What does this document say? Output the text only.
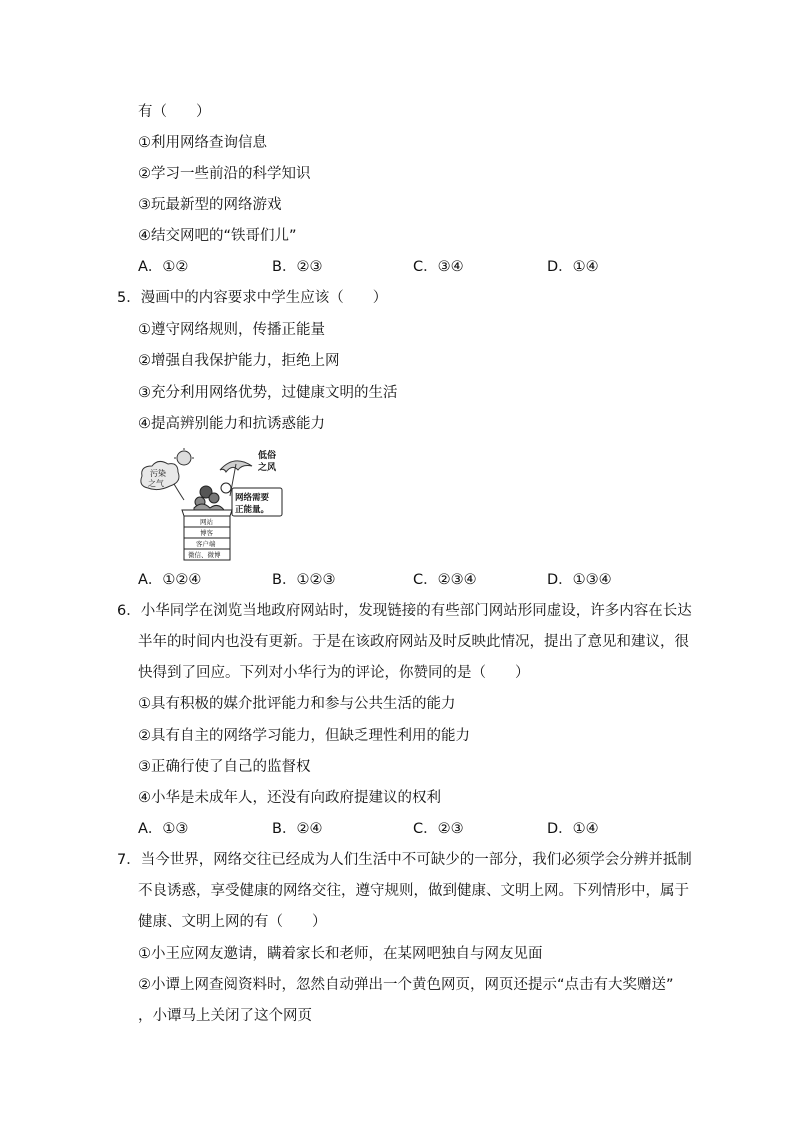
有（　　）
①利用网络查询信息
②学习一些前沿的科学知识
③玩最新型的网络游戏
④结交网吧的“铁哥们儿”
A．①②	B．②③	C．③④	D．①④
5．漫画中的内容要求中学生应该（　　）
①遵守网络规则，传播正能量
②增强自我保护能力，拒绝上网
③充分利用网络优势，过健康文明的生活
④提高辨别能力和抗诱惑能力
污染
之气
低俗
之风
网络需要
正能量。
网站
博客
客户端
微信、微博
A．①②④	B．①②③	C．②③④	D．①③④
6．小华同学在浏览当地政府网站时，发现链接的有些部门网站形同虚设，许多内容在长达
半年的时间内也没有更新。于是在该政府网站及时反映此情况，提出了意见和建议，很
快得到了回应。下列对小华行为的评论，你赞同的是（　　）
①具有积极的媒介批评能力和参与公共生活的能力
②具有自主的网络学习能力，但缺乏理性利用的能力
③正确行使了自己的监督权
④小华是未成年人，还没有向政府提建议的权利
A．①③	B．②④	C．②③	D．①④
7．当今世界，网络交往已经成为人们生活中不可缺少的一部分，我们必须学会分辨并抵制
不良诱惑，享受健康的网络交往，遵守规则，做到健康、文明上网。下列情形中，属于
健康、文明上网的有（　　）
①小王应网友邀请，瞒着家长和老师，在某网吧独自与网友见面
②小谭上网查阅资料时，忽然自动弹出一个黄色网页，网页还提示“点击有大奖赠送”
，小谭马上关闭了这个网页
